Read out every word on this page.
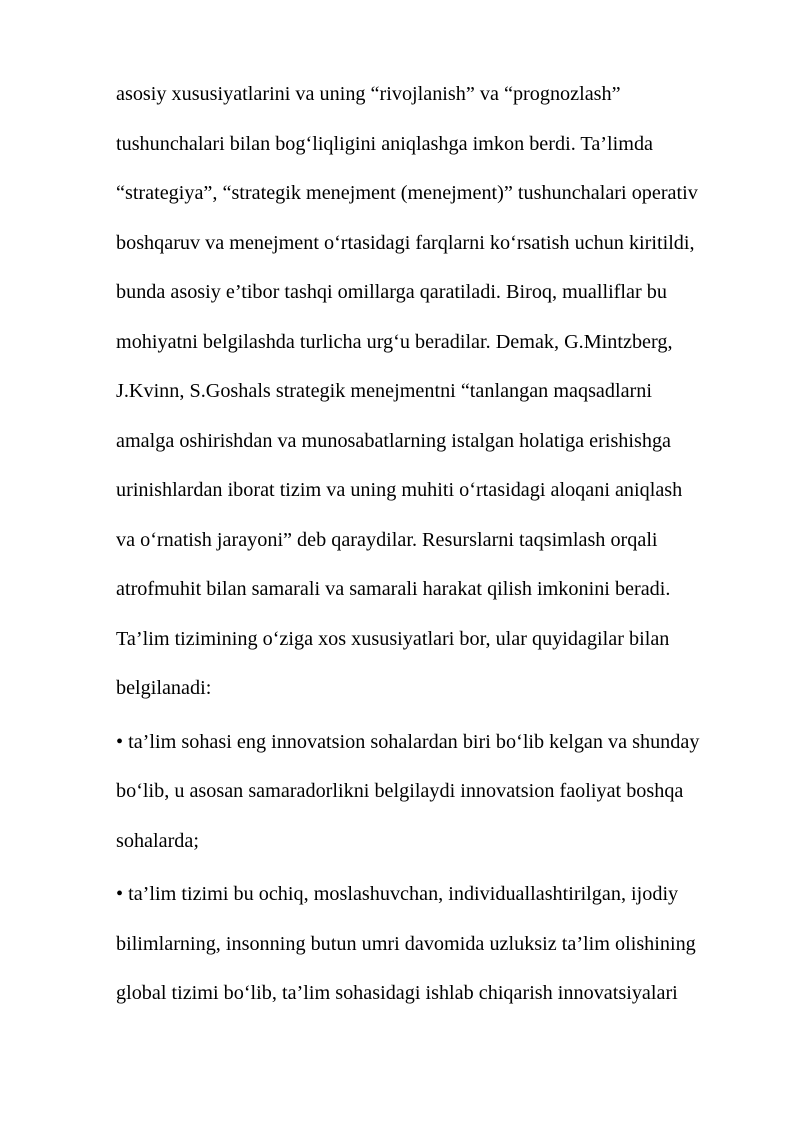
asosiy xususiyatlarini va uning “rivojlanish” va “prognozlash”
tushunchalari bilan bog‘liqligini aniqlashga imkon berdi. Ta’limda
“strategiya”, “strategik menejment (menejment)” tushunchalari operativ
boshqaruv va menejment o‘rtasidagi farqlarni ko‘rsatish uchun kiritildi,
bunda asosiy e’tibor tashqi omillarga qaratiladi. Biroq, mualliflar bu
mohiyatni belgilashda turlicha urg‘u beradilar. Demak, G.Mintzberg,
J.Kvinn, S.Goshals strategik menejmentni “tanlangan maqsadlarni
amalga oshirishdan va munosabatlarning istalgan holatiga erishishga
urinishlardan iborat tizim va uning muhiti o‘rtasidagi aloqani aniqlash
va o‘rnatish jarayoni” deb qaraydilar. Resurslarni taqsimlash orqali
atrofmuhit bilan samarali va samarali harakat qilish imkonini beradi.
Ta’lim tizimining o‘ziga xos xususiyatlari bor, ular quyidagilar bilan
belgilanadi:
• ta’lim sohasi eng innovatsion sohalardan biri bo‘lib kelgan va shunday
bo‘lib, u asosan samaradorlikni belgilaydi innovatsion faoliyat boshqa
sohalarda;
• ta’lim tizimi bu ochiq, moslashuvchan, individuallashtirilgan, ijodiy
bilimlarning, insonning butun umri davomida uzluksiz ta’lim olishining
global tizimi bo‘lib, ta’lim sohasidagi ishlab chiqarish innovatsiyalari
